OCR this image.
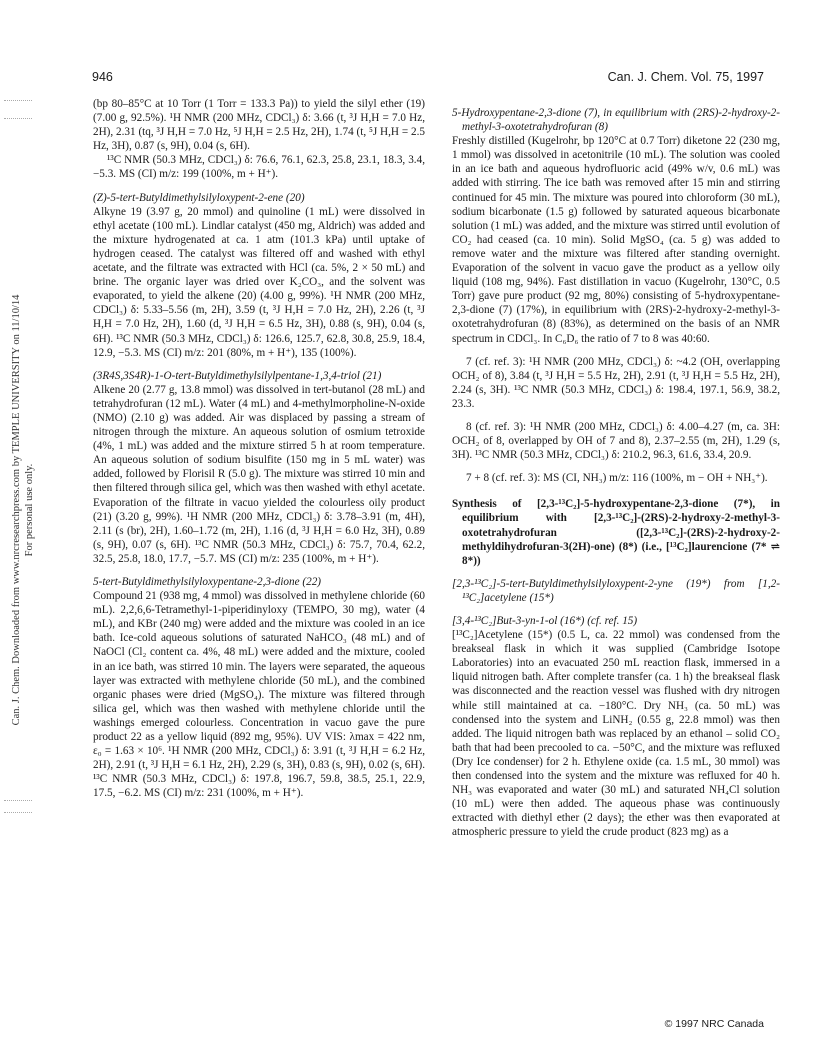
946	Can. J. Chem. Vol. 75, 1997
Can. J. Chem. Downloaded from www.nrcresearchpress.com by TEMPLE UNIVERSITY on 11/10/14 For personal use only.

(bp 80–85°C at 10 Torr (1 Torr = 133.3 Pa)) to yield the silyl ether (19) (7.00 g, 92.5%). ¹H NMR (200 MHz, CDCl₃) δ: 3.66 (t, ³J H,H = 7.0 Hz, 2H), 2.31 (tq, ³J H,H = 7.0 Hz, ⁵J H,H = 2.5 Hz, 2H), 1.74 (t, ⁵J H,H = 2.5 Hz, 3H), 0.87 (s, 9H), 0.04 (s, 6H).

¹³C NMR (50.3 MHz, CDCl₃) δ: 76.6, 76.1, 62.3, 25.8, 23.1, 18.3, 3.4, −5.3. MS (CI) m/z: 199 (100%, m + H⁺).

(Z)-5-tert-Butyldimethylsilyloxypent-2-ene (20)

Alkyne 19 (3.97 g, 20 mmol) and quinoline (1 mL) were dissolved in ethyl acetate (100 mL). Lindlar catalyst (450 mg, Aldrich) was added and the mixture hydrogenated at ca. 1 atm (101.3 kPa) until uptake of hydrogen ceased. The catalyst was filtered off and washed with ethyl acetate, and the filtrate was extracted with HCl (ca. 5%, 2 × 50 mL) and brine. The organic layer was dried over K₂CO₃, and the solvent was evaporated, to yield the alkene (20) (4.00 g, 99%). ¹H NMR (200 MHz, CDCl₃) δ: 5.33–5.56 (m, 2H), 3.59 (t, ³J H,H = 7.0 Hz, 2H), 2.26 (t, ³J H,H = 7.0 Hz, 2H), 1.60 (d, ³J H,H = 6.5 Hz, 3H), 0.88 (s, 9H), 0.04 (s, 6H). ¹³C NMR (50.3 MHz, CDCl₃) δ: 126.6, 125.7, 62.8, 30.8, 25.9, 18.4, 12.9, −5.3. MS (CI) m/z: 201 (80%, m + H⁺), 135 (100%).

(3R4S,3S4R)-1-O-tert-Butyldimethylsilylpentane-1,3,4-triol (21)

Alkene 20 (2.77 g, 13.8 mmol) was dissolved in tert-butanol (28 mL) and tetrahydrofuran (12 mL). Water (4 mL) and 4-methylmorpholine-N-oxide (NMO) (2.10 g) was added. Air was displaced by passing a stream of nitrogen through the mixture. An aqueous solution of osmium tetroxide (4%, 1 mL) was added and the mixture stirred 5 h at room temperature. An aqueous solution of sodium bisulfite (150 mg in 5 mL water) was added, followed by Florisil R (5.0 g). The mixture was stirred 10 min and then filtered through silica gel, which was then washed with ethyl acetate. Evaporation of the filtrate in vacuo yielded the colourless oily product (21) (3.20 g, 99%). ¹H NMR (200 MHz, CDCl₃) δ: 3.78–3.91 (m, 4H), 2.11 (s (br), 2H), 1.60–1.72 (m, 2H), 1.16 (d, ³J H,H = 6.0 Hz, 3H), 0.89 (s, 9H), 0.07 (s, 6H). ¹³C NMR (50.3 MHz, CDCl₃) δ: 75.7, 70.4, 62.2, 32.5, 25.8, 18.0, 17.7, −5.7. MS (CI) m/z: 235 (100%, m + H⁺).

5-tert-Butyldimethylsilyloxypentane-2,3-dione (22)

Compound 21 (938 mg, 4 mmol) was dissolved in methylene chloride (60 mL). 2,2,6,6-Tetramethyl-1-piperidinyloxy (TEMPO, 30 mg), water (4 mL), and KBr (240 mg) were added and the mixture was cooled in an ice bath. Ice-cold aqueous solutions of saturated NaHCO₃ (48 mL) and of NaOCl (Cl₂ content ca. 4%, 48 mL) were added and the mixture, cooled in an ice bath, was stirred 10 min. The layers were separated, the aqueous layer was extracted with methylene chloride (50 mL), and the combined organic phases were dried (MgSO₄). The mixture was filtered through silica gel, which was then washed with methylene chloride until the washings emerged colourless. Concentration in vacuo gave the pure product 22 as a yellow liquid (892 mg, 95%). UV VIS: λmax = 422 nm, ε₀ = 1.63 × 10⁶. ¹H NMR (200 MHz, CDCl₃) δ: 3.91 (t, ³J H,H = 6.2 Hz, 2H), 2.91 (t, ³J H,H = 6.1 Hz, 2H), 2.29 (s, 3H), 0.83 (s, 9H), 0.02 (s, 6H). ¹³C NMR (50.3 MHz, CDCl₃) δ: 197.8, 196.7, 59.8, 38.5, 25.1, 22.9, 17.5, −6.2. MS (CI) m/z: 231 (100%, m + H⁺).

5-Hydroxypentane-2,3-dione (7), in equilibrium with (2RS)-2-hydroxy-2-methyl-3-oxotetrahydrofuran (8)

Freshly distilled (Kugelrohr, bp 120°C at 0.7 Torr) diketone 22 (230 mg, 1 mmol) was dissolved in acetonitrile (10 mL). The solution was cooled in an ice bath and aqueous hydrofluoric acid (49% w/v, 0.6 mL) was added with stirring. The ice bath was removed after 15 min and stirring continued for 45 min. The mixture was poured into chloroform (30 mL), sodium bicarbonate (1.5 g) followed by saturated aqueous bicarbonate solution (1 mL) was added, and the mixture was stirred until evolution of CO₂ had ceased (ca. 10 min). Solid MgSO₄ (ca. 5 g) was added to remove water and the mixture was filtered after standing overnight. Evaporation of the solvent in vacuo gave the product as a yellow oily liquid (108 mg, 94%). Fast distillation in vacuo (Kugelrohr, 130°C, 0.5 Torr) gave pure product (92 mg, 80%) consisting of 5-hydroxypentane-2,3-dione (7) (17%), in equilibrium with (2RS)-2-hydroxy-2-methyl-3-oxotetrahydrofuran (8) (83%), as determined on the basis of an NMR spectrum in CDCl₃. In C₆D₆ the ratio of 7 to 8 was 40:60.

7 (cf. ref. 3): ¹H NMR (200 MHz, CDCl₃) δ: ~4.2 (OH, overlapping OCH₂ of 8), 3.84 (t, ³J H,H = 5.5 Hz, 2H), 2.91 (t, ³J H,H = 5.5 Hz, 2H), 2.24 (s, 3H). ¹³C NMR (50.3 MHz, CDCl₃) δ: 198.4, 197.1, 56.9, 38.2, 23.3.

8 (cf. ref. 3): ¹H NMR (200 MHz, CDCl₃) δ: 4.00–4.27 (m, ca. 3H: OCH₂ of 8, overlapped by OH of 7 and 8), 2.37–2.55 (m, 2H), 1.29 (s, 3H). ¹³C NMR (50.3 MHz, CDCl₃) δ: 210.2, 96.3, 61.6, 33.4, 20.9.

7 + 8 (cf. ref. 3): MS (CI, NH₃) m/z: 116 (100%, m − OH + NH₃⁺).

Synthesis of [2,3-¹³C₂]-5-hydroxypentane-2,3-dione (7*), in equilibrium with [2,3-¹³C₂]-(2RS)-2-hydroxy-2-methyl-3-oxotetrahydrofuran ([2,3-¹³C₂]-(2RS)-2-hydroxy-2-methyldihydrofuran-3(2H)-one) (8*) (i.e., [¹³C₂]laurencione (7* ⇌ 8*))

[2,3-¹³C₂]-5-tert-Butyldimethylsilyloxypent-2-yne (19*) from [1,2-¹³C₂]acetylene (15*)

[3,4-¹³C₂]But-3-yn-1-ol (16*) (cf. ref. 15)

[¹³C₂]Acetylene (15*) (0.5 L, ca. 22 mmol) was condensed from the breakseal flask in which it was supplied (Cambridge Isotope Laboratories) into an evacuated 250 mL reaction flask, immersed in a liquid nitrogen bath. After complete transfer (ca. 1 h) the breakseal flask was disconnected and the reaction vessel was flushed with dry nitrogen while still maintained at ca. −180°C. Dry NH₃ (ca. 50 mL) was condensed into the system and LiNH₂ (0.55 g, 22.8 mmol) was then added. The liquid nitrogen bath was replaced by an ethanol – solid CO₂ bath that had been precooled to ca. −50°C, and the mixture was refluxed (Dry Ice condenser) for 2 h. Ethylene oxide (ca. 1.5 mL, 30 mmol) was then condensed into the system and the mixture was refluxed for 40 h. NH₃ was evaporated and water (30 mL) and saturated NH₄Cl solution (10 mL) were then added. The aqueous phase was continuously extracted with diethyl ether (2 days); the ether was then evaporated at atmospheric pressure to yield the crude product (823 mg) as a

© 1997 NRC Canada
